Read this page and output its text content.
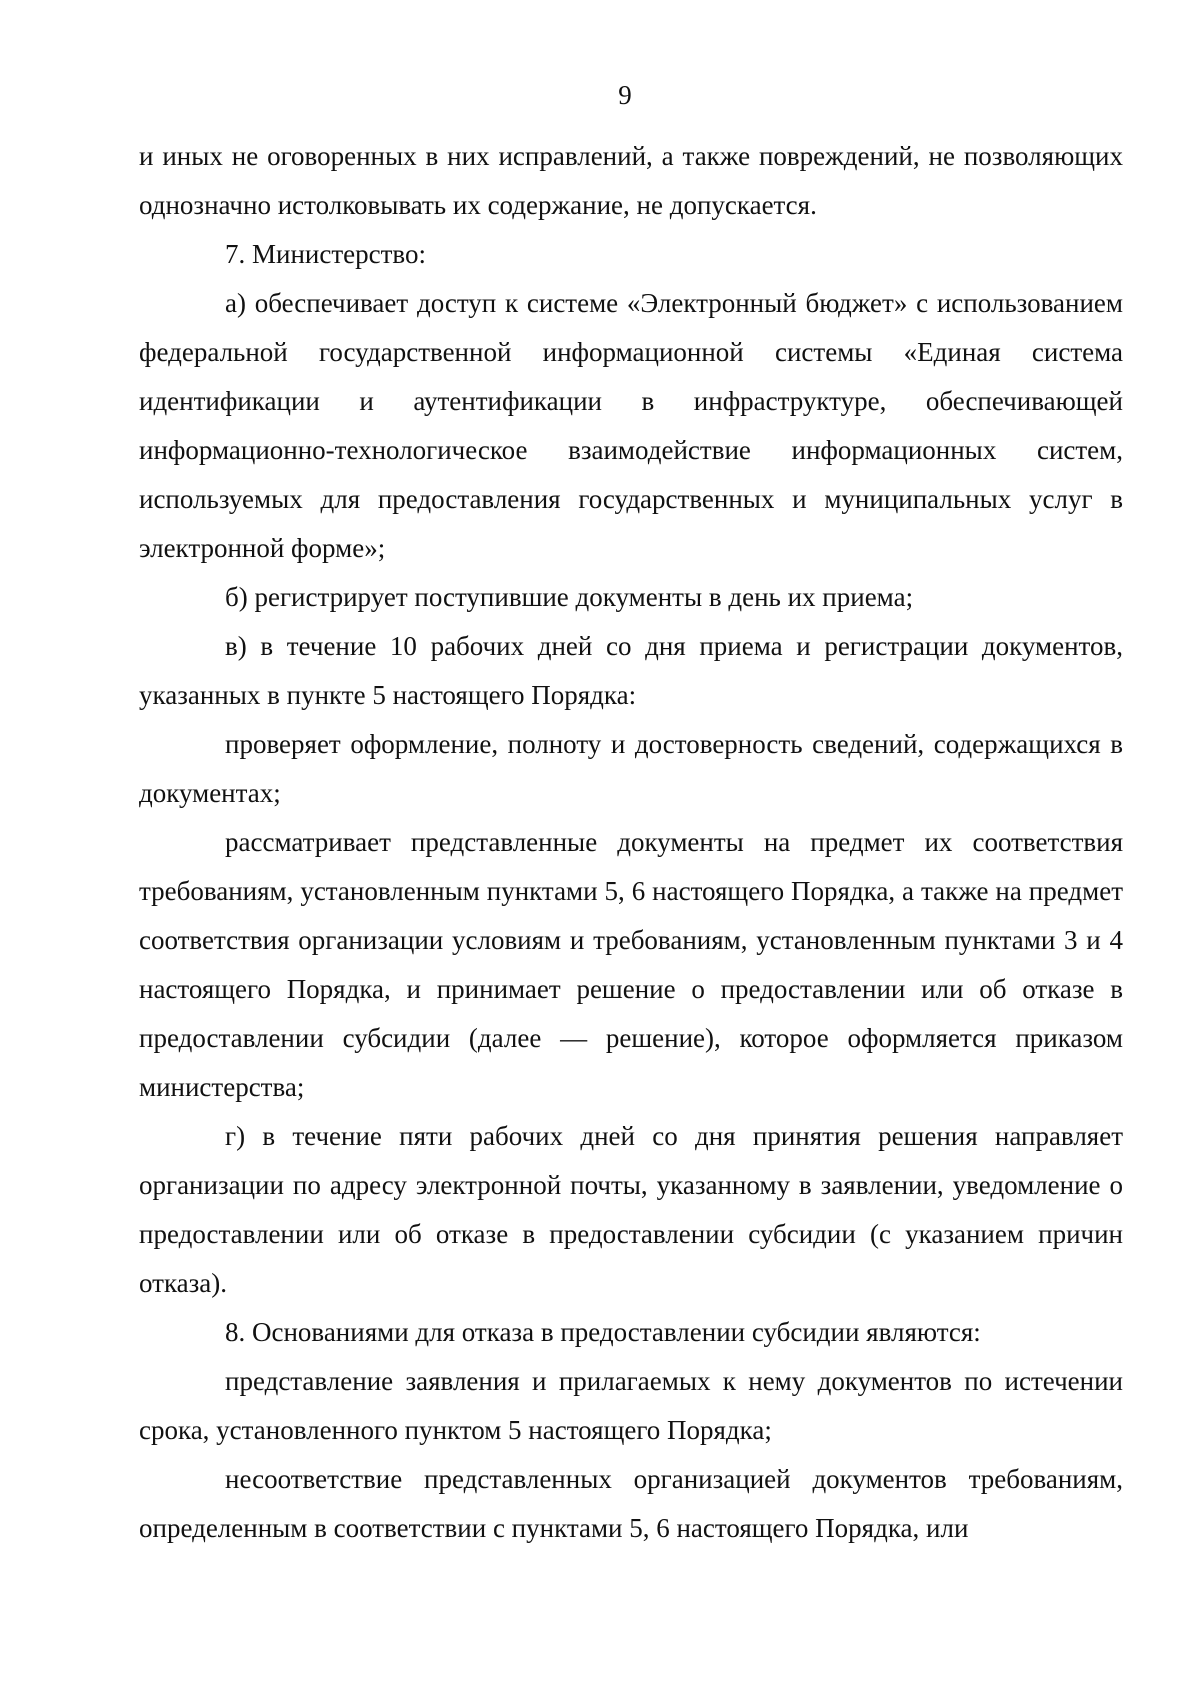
9

и иных не оговоренных в них исправлений, а также повреждений, не позволяющих однозначно истолковывать их содержание, не допускается.

7. Министерство:

а) обеспечивает доступ к системе «Электронный бюджет» с использованием федеральной государственной информационной системы «Единая система идентификации и аутентификации в инфраструктуре, обеспечивающей информационно-технологическое взаимодействие информационных систем, используемых для предоставления государственных и муниципальных услуг в электронной форме»;

б) регистрирует поступившие документы в день их приема;

в) в течение 10 рабочих дней со дня приема и регистрации документов, указанных в пункте 5 настоящего Порядка:

проверяет оформление, полноту и достоверность сведений, содержащихся в документах;

рассматривает представленные документы на предмет их соответствия требованиям, установленным пунктами 5, 6 настоящего Порядка, а также на предмет соответствия организации условиям и требованиям, установленным пунктами 3 и 4 настоящего Порядка, и принимает решение о предоставлении или об отказе в предоставлении субсидии (далее — решение), которое оформляется приказом министерства;

г) в течение пяти рабочих дней со дня принятия решения направляет организации по адресу электронной почты, указанному в заявлении, уведомление о предоставлении или об отказе в предоставлении субсидии (с указанием причин отказа).

8. Основаниями для отказа в предоставлении субсидии являются:

представление заявления и прилагаемых к нему документов по истечении срока, установленного пунктом 5 настоящего Порядка;

несоответствие представленных организацией документов требованиям, определенным в соответствии с пунктами 5, 6 настоящего Порядка, или
